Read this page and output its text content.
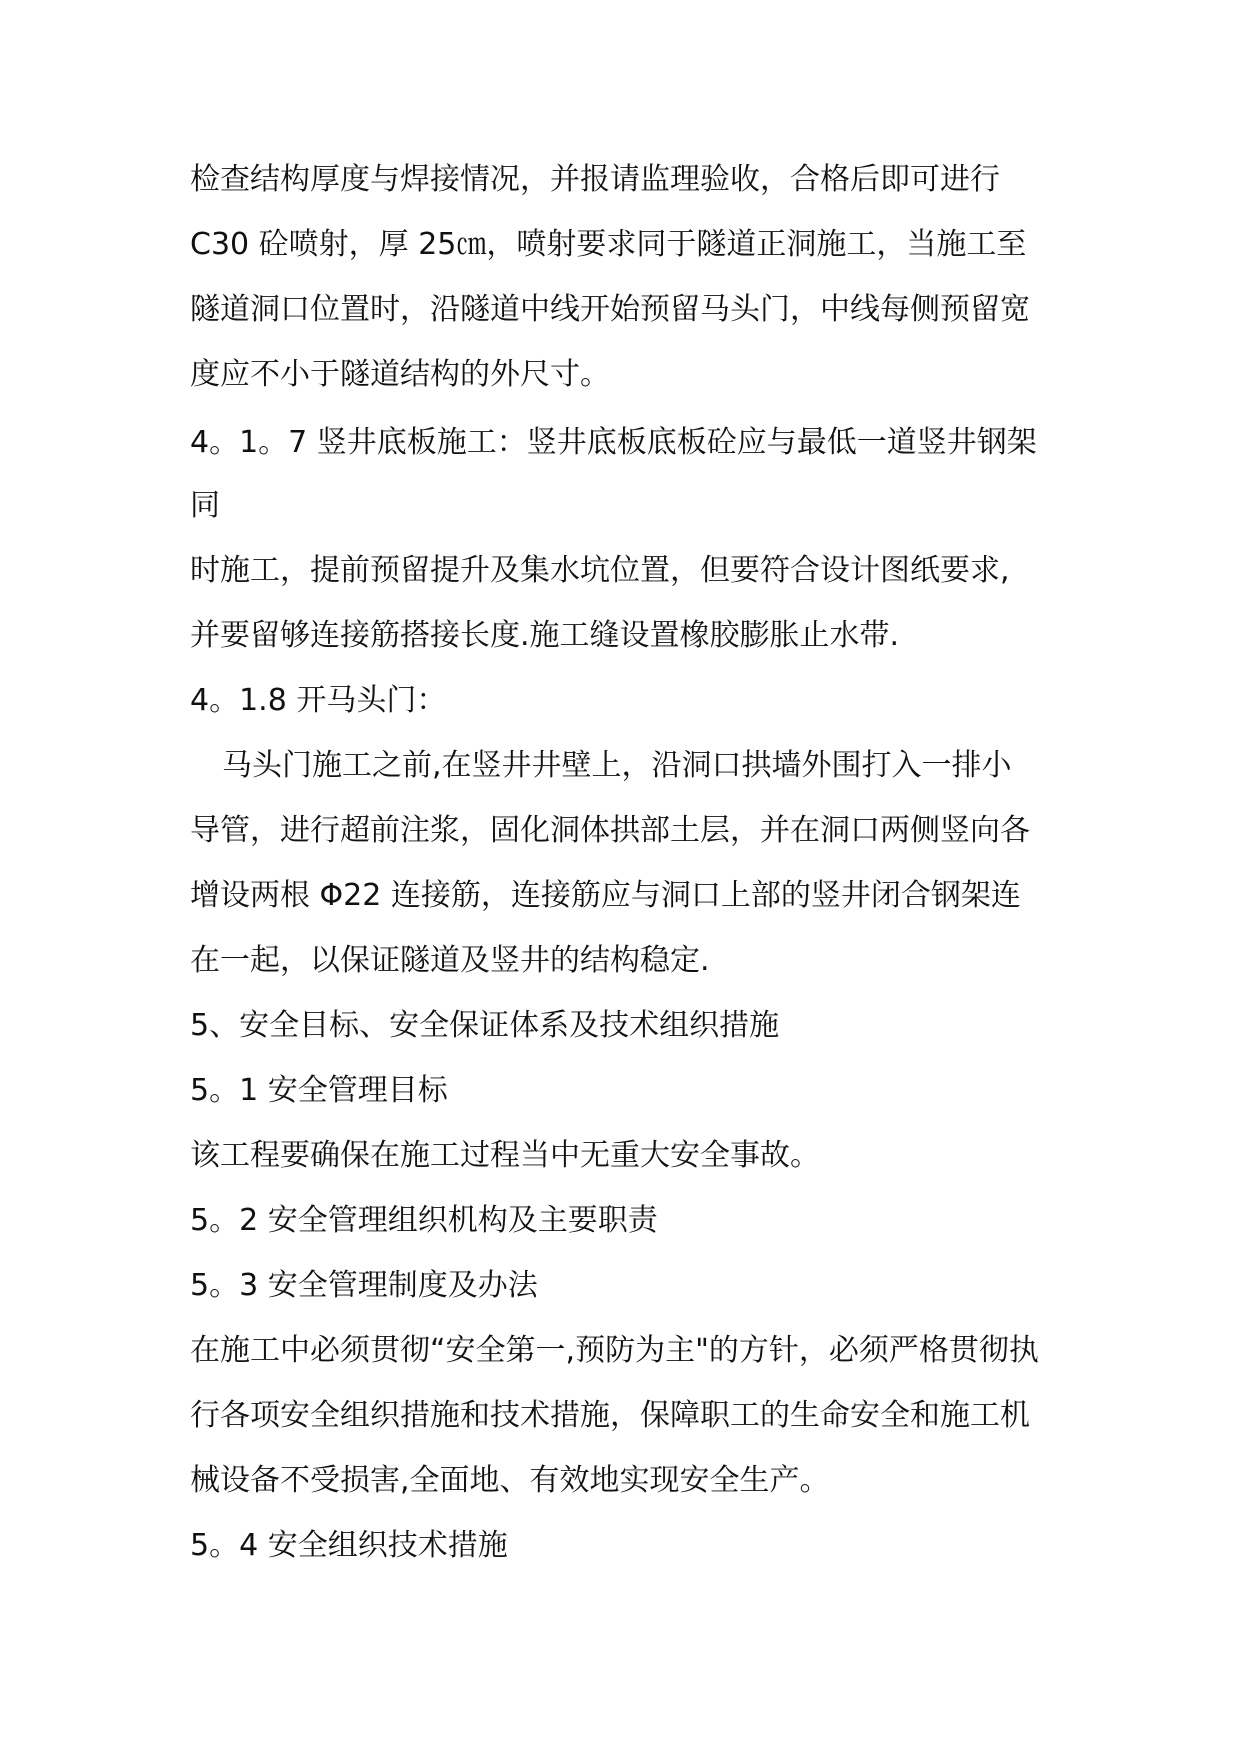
检查结构厚度与焊接情况，并报请监理验收，合格后即可进行
C30 砼喷射，厚 25㎝，喷射要求同于隧道正洞施工，当施工至
隧道洞口位置时，沿隧道中线开始预留马头门，中线每侧预留宽
度应不小于隧道结构的外尺寸。
4。1。7 竖井底板施工：竖井底板底板砼应与最低一道竖井钢架
同
时施工，提前预留提升及集水坑位置，但要符合设计图纸要求,
并要留够连接筋搭接长度.施工缝设置橡胶膨胀止水带.
4。1.8 开马头门：
马头门施工之前,在竖井井壁上，沿洞口拱墙外围打入一排小
导管，进行超前注浆，固化洞体拱部土层，并在洞口两侧竖向各
增设两根 Φ22 连接筋，连接筋应与洞口上部的竖井闭合钢架连
在一起，以保证隧道及竖井的结构稳定.
5、安全目标、安全保证体系及技术组织措施
5。1 安全管理目标
该工程要确保在施工过程当中无重大安全事故。
5。2 安全管理组织机构及主要职责
5。3 安全管理制度及办法
在施工中必须贯彻“安全第一,预防为主"的方针，必须严格贯彻执
行各项安全组织措施和技术措施，保障职工的生命安全和施工机
械设备不受损害,全面地、有效地实现安全生产。
5。4 安全组织技术措施
